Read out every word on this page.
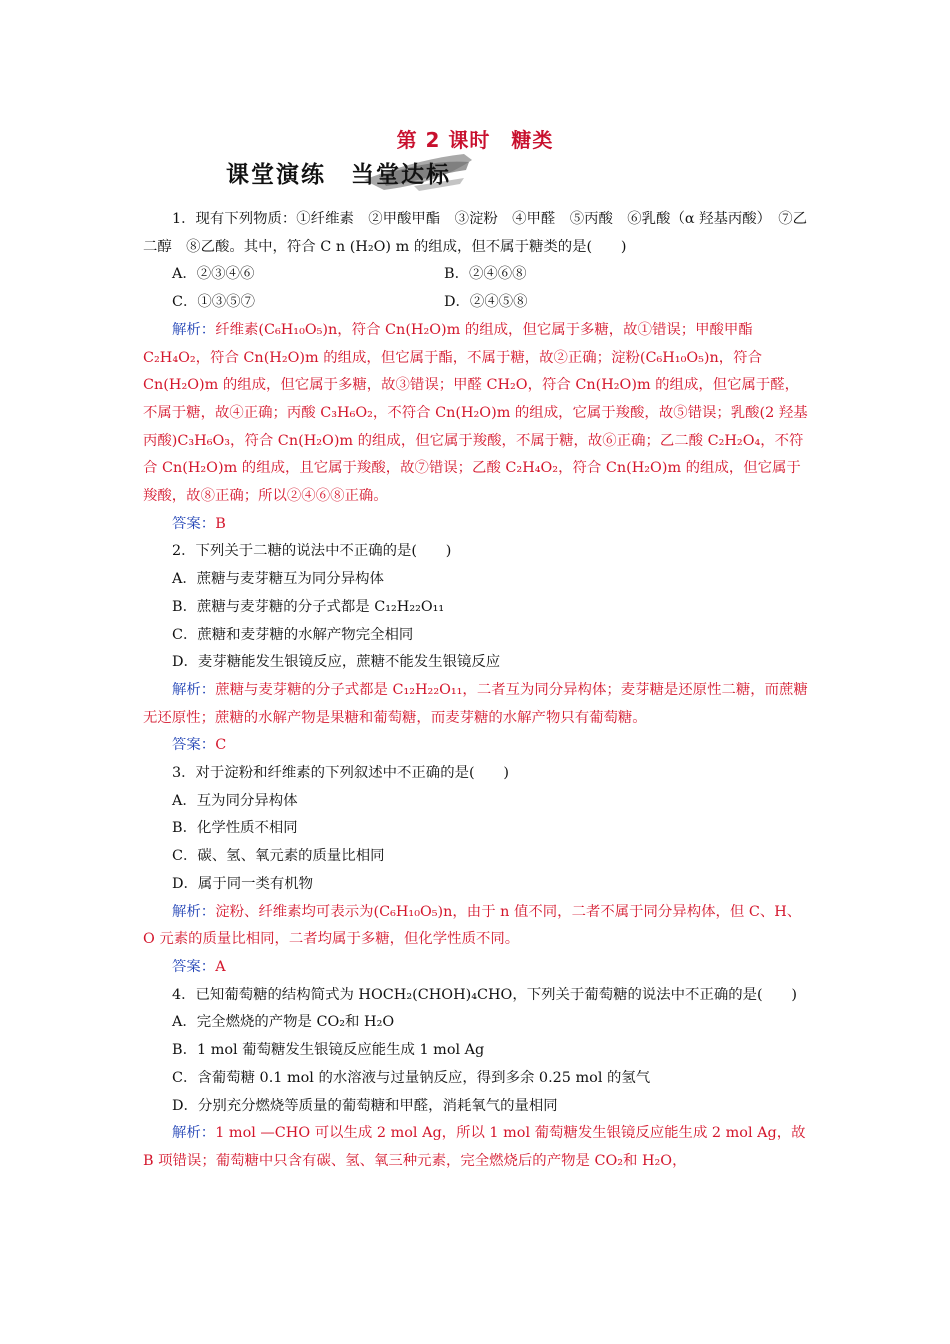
第 2 课时　糖类
课堂演练　当堂达标

1．现有下列物质：①纤维素　②甲酸甲酯　③淀粉　④甲醛　⑤丙酸　⑥乳酸（α 羟基丙酸）　⑦乙二醇　⑧乙酸。其中，符合 C n (H₂O) m 的组成，但不属于糖类的是(　　)

A．②③④⑥	B．②④⑥⑧
C．①③⑤⑦	D．②④⑤⑧

解析：纤维素(C₆H₁₀O₅)n，符合 Cn(H₂O)m 的组成，但它属于多糖，故①错误；甲酸甲酯 C₂H₄O₂，符合 Cn(H₂O)m 的组成，但它属于酯，不属于糖，故②正确；淀粉(C₆H₁₀O₅)n，符合 Cn(H₂O)m 的组成，但它属于多糖，故③错误；甲醛 CH₂O，符合 Cn(H₂O)m 的组成，但它属于醛，不属于糖，故④正确；丙酸 C₃H₆O₂，不符合 Cn(H₂O)m 的组成，它属于羧酸，故⑤错误；乳酸(2 羟基丙酸)C₃H₆O₃，符合 Cn(H₂O)m 的组成，但它属于羧酸，不属于糖，故⑥正确；乙二酸 C₂H₂O₄，不符合 Cn(H₂O)m 的组成，且它属于羧酸，故⑦错误；乙酸 C₂H₄O₂，符合 Cn(H₂O)m 的组成，但它属于羧酸，故⑧正确；所以②④⑥⑧正确。

答案：B

2．下列关于二糖的说法中不正确的是(　　)

A．蔗糖与麦芽糖互为同分异构体

B．蔗糖与麦芽糖的分子式都是 C₁₂H₂₂O₁₁

C．蔗糖和麦芽糖的水解产物完全相同

D．麦芽糖能发生银镜反应，蔗糖不能发生银镜反应

解析：蔗糖与麦芽糖的分子式都是 C₁₂H₂₂O₁₁，二者互为同分异构体；麦芽糖是还原性二糖，而蔗糖无还原性；蔗糖的水解产物是果糖和葡萄糖，而麦芽糖的水解产物只有葡萄糖。

答案：C

3．对于淀粉和纤维素的下列叙述中不正确的是(　　)

A．互为同分异构体

B．化学性质不相同

C．碳、氢、氧元素的质量比相同

D．属于同一类有机物

解析：淀粉、纤维素均可表示为(C₆H₁₀O₅)n，由于 n 值不同，二者不属于同分异构体，但 C、H、O 元素的质量比相同，二者均属于多糖，但化学性质不同。

答案：A

4．已知葡萄糖的结构简式为 HOCH₂(CHOH)₄CHO，下列关于葡萄糖的说法中不正确的是(　　)

A．完全燃烧的产物是 CO₂和 H₂O

B．1 mol 葡萄糖发生银镜反应能生成 1 mol Ag

C．含葡萄糖 0.1 mol 的水溶液与过量钠反应，得到多余 0.25 mol 的氢气

D．分别充分燃烧等质量的葡萄糖和甲醛，消耗氧气的量相同

解析：1 mol —CHO 可以生成 2 mol Ag，所以 1 mol 葡萄糖发生银镜反应能生成 2 mol Ag，故 B 项错误；葡萄糖中只含有碳、氢、氧三种元素，完全燃烧后的产物是 CO₂和 H₂O，
